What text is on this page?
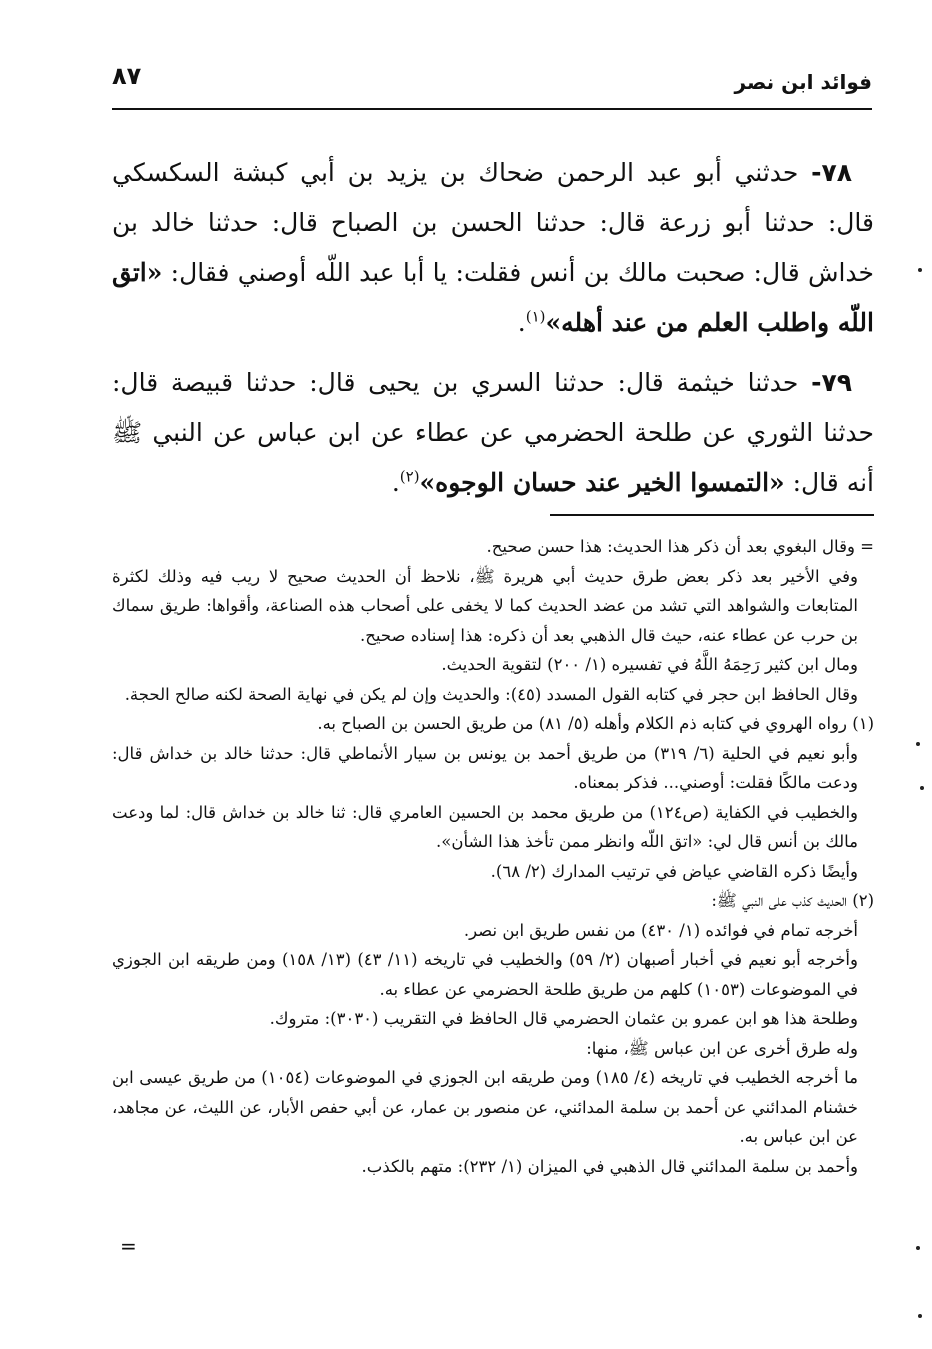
٨٧	فوائد ابن نصر

٧٨- حدثني أبو عبد الرحمن ضحاك بن يزيد بن أبي كبشة السكسكي قال: حدثنا أبو زرعة قال: حدثنا الحسن بن الصباح قال: حدثنا خالد بن خداش قال: صحبت مالك بن أنس فقلت: يا أبا عبد اللّه أوصني فقال: «اتق اللّه واطلب العلم من عند أهله»$^{(١)}$.

٧٩- حدثنا خيثمة قال: حدثنا السري بن يحيى قال: حدثنا قبيصة قال: حدثنا الثوري عن طلحة الحضرمي عن عطاء عن ابن عباس عن النبي ﷺ أنه قال: «التمسوا الخير عند حسان الوجوه»$^{(٢)}$.

= وقال البغوي بعد أن ذكر هذا الحديث: هذا حسن صحيح.

وفي الأخير بعد ذكر بعض طرق حديث أبي هريرة ﷺ، نلاحظ أن الحديث صحيح لا ريب فيه وذلك لكثرة المتابعات والشواهد التي تشد من عضد الحديث كما لا يخفى على أصحاب هذه الصناعة، وأقواها: طريق سماك بن حرب عن عطاء عنه، حيث قال الذهبي بعد أن ذكره: هذا إسناده صحيح.

ومال ابن كثير رَحِمَهُ اللَّهُ في تفسيره (١/ ٢٠٠) لتقوية الحديث.

وقال الحافظ ابن حجر في كتابه القول المسدد (٤٥): والحديث وإن لم يكن في نهاية الصحة لكنه صالح الحجة.

(١) رواه الهروي في كتابه ذم الكلام وأهله (٥/ ٨١) من طريق الحسن بن الصباح به.

وأبو نعيم في الحلية (٦/ ٣١٩) من طريق أحمد بن يونس بن سيار الأنماطي قال: حدثنا خالد بن خداش قال: ودعت مالكًا فقلت: أوصني... فذكر بمعناه.

والخطيب في الكفاية (ص١٢٤) من طريق محمد بن الحسين العامري قال: ثنا خالد بن خداش قال: لما ودعت مالك بن أنس قال لي: «اتق اللّه وانظر ممن تأخذ هذا الشأن».

وأيضًا ذكره القاضي عياض في ترتيب المدارك (٢/ ٦٨).

(٢) الحديث كذب على النبي ﷺ:

أخرجه تمام في فوائده (١/ ٤٣٠) من نفس طريق ابن نصر.

وأخرجه أبو نعيم في أخبار أصبهان (٢/ ٥٩) والخطيب في تاريخه (١١/ ٤٣) (١٣/ ١٥٨) ومن طريقه ابن الجوزي في الموضوعات (١٠٥٣) كلهم من طريق طلحة الحضرمي عن عطاء به.

وطلحة هذا هو ابن عمرو بن عثمان الحضرمي قال الحافظ في التقريب (٣٠٣٠): متروك.

وله طرق أخرى عن ابن عباس ﷺ، منها:

ما أخرجه الخطيب في تاريخه (٤/ ١٨٥) ومن طريقه ابن الجوزي في الموضوعات (١٠٥٤) من طريق عيسى ابن خشنام المدائني عن أحمد بن سلمة المدائني، عن منصور بن عمار، عن أبي حفص الأبار، عن الليث، عن مجاهد، عن ابن عباس به.

وأحمد بن سلمة المدائني قال الذهبي في الميزان (١/ ٢٣٢): متهم بالكذب.

=
